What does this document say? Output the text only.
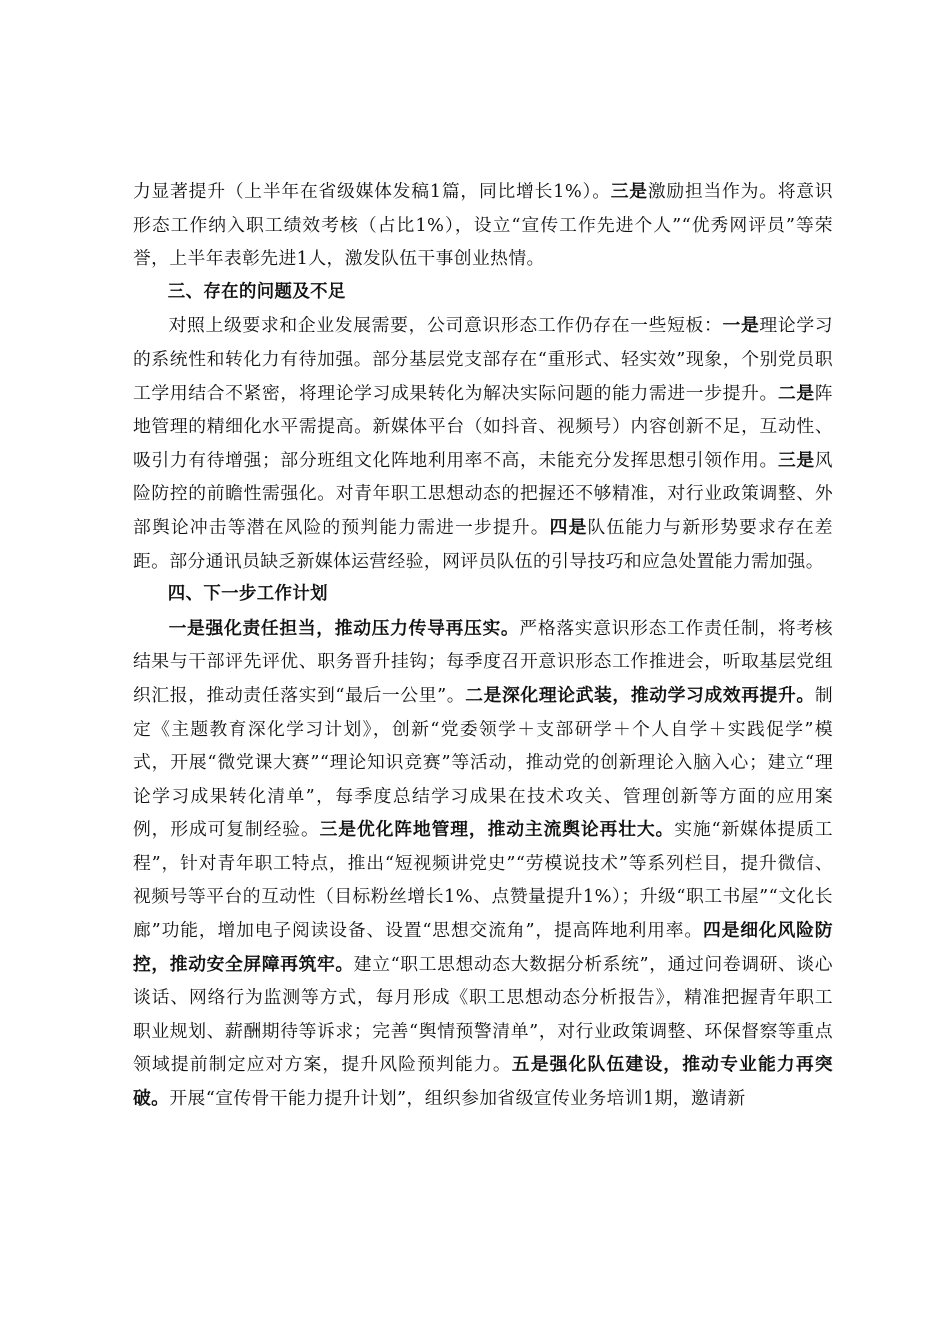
力显著提升（上半年在省级媒体发稿1篇，同比增长1%）。三是激励担当作为。将意识形态工作纳入职工绩效考核（占比1%），设立“宣传工作先进个人”“优秀网评员”等荣誉，上半年表彰先进1人，激发队伍干事创业热情。

三、存在的问题及不足

对照上级要求和企业发展需要，公司意识形态工作仍存在一些短板：一是理论学习的系统性和转化力有待加强。部分基层党支部存在“重形式、轻实效”现象，个别党员职工学用结合不紧密，将理论学习成果转化为解决实际问题的能力需进一步提升。二是阵地管理的精细化水平需提高。新媒体平台（如抖音、视频号）内容创新不足，互动性、吸引力有待增强；部分班组文化阵地利用率不高，未能充分发挥思想引领作用。三是风险防控的前瞻性需强化。对青年职工思想动态的把握还不够精准，对行业政策调整、外部舆论冲击等潜在风险的预判能力需进一步提升。四是队伍能力与新形势要求存在差距。部分通讯员缺乏新媒体运营经验，网评员队伍的引导技巧和应急处置能力需加强。

四、下一步工作计划

一是强化责任担当，推动压力传导再压实。严格落实意识形态工作责任制，将考核结果与干部评先评优、职务晋升挂钩；每季度召开意识形态工作推进会，听取基层党组织汇报，推动责任落实到“最后一公里”。二是深化理论武装，推动学习成效再提升。制定《主题教育深化学习计划》，创新“党委领学＋支部研学＋个人自学＋实践促学”模式，开展“微党课大赛”“理论知识竞赛”等活动，推动党的创新理论入脑入心；建立“理论学习成果转化清单”，每季度总结学习成果在技术攻关、管理创新等方面的应用案例，形成可复制经验。三是优化阵地管理，推动主流舆论再壮大。实施“新媒体提质工程”，针对青年职工特点，推出“短视频讲党史”“劳模说技术”等系列栏目，提升微信、视频号等平台的互动性（目标粉丝增长1%、点赞量提升1%）；升级“职工书屋”“文化长廊”功能，增加电子阅读设备、设置“思想交流角”，提高阵地利用率。四是细化风险防控，推动安全屏障再筑牢。建立“职工思想动态大数据分析系统”，通过问卷调研、谈心谈话、网络行为监测等方式，每月形成《职工思想动态分析报告》，精准把握青年职工职业规划、薪酬期待等诉求；完善“舆情预警清单”，对行业政策调整、环保督察等重点领域提前制定应对方案，提升风险预判能力。五是强化队伍建设，推动专业能力再突破。开展“宣传骨干能力提升计划”，组织参加省级宣传业务培训1期，邀请新
